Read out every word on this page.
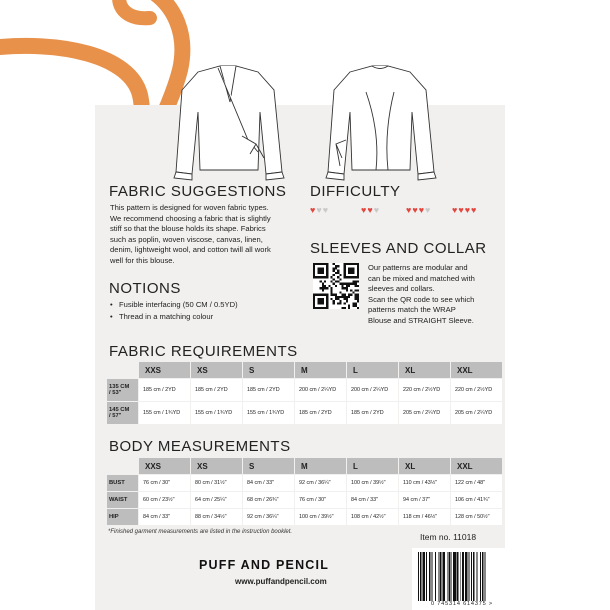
FABRIC SUGGESTIONS DIFFICULTY
SLEEVES AND COLLAR
NOTIONS
FABRIC REQUIREMENTS
BODY MEASUREMENTS
This pattern is designed for woven fabric types.
We recommend choosing a fabric that is slightly
stiff so that the blouse holds its shape. Fabrics
such as poplin, woven viscose, canvas, linen,
denim, lightweight wool, and cotton twill all work
well for this blouse.
♥ ♥ ♥	♥ ♥ ♥	♥ ♥ ♥ ♥ ♥ ♥ ♥ ♥
Our patterns are modular and
can be mixed and matched with
sleeves and collars.
Scan the QR code to see which
patterns match the WRAP
Blouse and STRAIGHT Sleeve.
• Fusible interfacing (50 CM / 0.5YD)
• Thread in a matching colour
	XXS	XS	S	M	L	XL	XXL

135 CM
/ 53"	185 cm / 2YD	185 cm / 2YD	185 cm / 2YD	200 cm / 2¼YD	200 cm / 2¼YD	220 cm / 2½YD	220 cm / 2½YD

145 CM
/ 57"	155 cm / 1¾YD	155 cm / 1¾YD	155 cm / 1¾YD	185 cm / 2YD	185 cm / 2YD	205 cm / 2¼YD	205 cm / 2¼YD
	XXS	XS	S	M	L	XL	XXL
BUST	76 cm / 30"	80 cm / 31½"	84 cm / 33"	92 cm / 36¼"	100 cm / 39½"	110 cm / 43½"	122 cm / 48"
WAIST	60 cm / 23½"	64 cm / 25¼"	68 cm / 26¾"	76 cm / 30"	84 cm / 33"	94 cm / 37"	106 cm / 41¾"
HIP	84 cm / 33"	88 cm / 34½"	92 cm / 36¼"	100 cm / 39½"	108 cm / 42½"	118 cm / 46½"	128 cm / 50½"
*Finished garment measurements are listed in the instruction booklet.	Item no. 11018
PUFF AND PENCIL
www.puffandpencil.com
0 745314 614375 >
